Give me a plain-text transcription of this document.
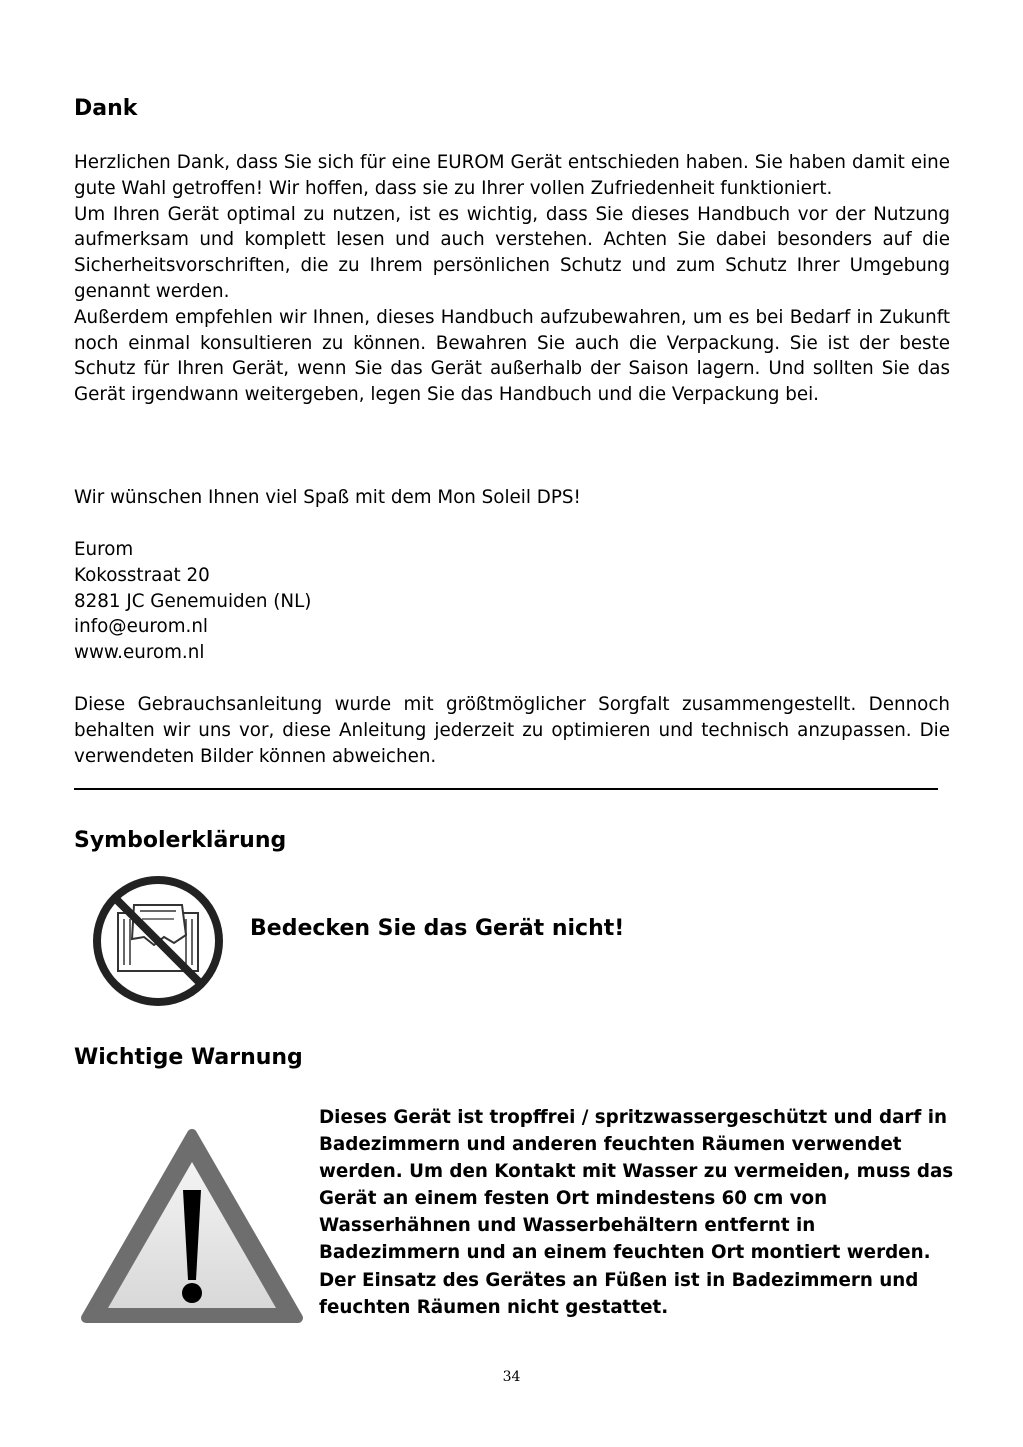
Dank

Herzlichen Dank, dass Sie sich für eine EUROM Gerät entschieden haben. Sie haben damit eine gute Wahl getroffen! Wir hoffen, dass sie zu Ihrer vollen Zufriedenheit funktioniert.
Um Ihren Gerät optimal zu nutzen, ist es wichtig, dass Sie dieses Handbuch vor der Nutzung aufmerksam und komplett lesen und auch verstehen. Achten Sie dabei besonders auf die Sicherheitsvorschriften, die zu Ihrem persönlichen Schutz und zum Schutz Ihrer Umgebung genannt werden.
Außerdem empfehlen wir Ihnen, dieses Handbuch aufzubewahren, um es bei Bedarf in Zukunft noch einmal konsultieren zu können. Bewahren Sie auch die Verpackung. Sie ist der beste Schutz für Ihren Gerät, wenn Sie das Gerät außerhalb der Saison lagern. Und sollten Sie das Gerät irgendwann weitergeben, legen Sie das Handbuch und die Verpackung bei.

Wir wünschen Ihnen viel Spaß mit dem Mon Soleil DPS!

Eurom
Kokosstraat 20
8281 JC Genemuiden (NL)
info@eurom.nl
www.eurom.nl

Diese Gebrauchsanleitung wurde mit größtmöglicher Sorgfalt zusammengestellt. Dennoch behalten wir uns vor, diese Anleitung jederzeit zu optimieren und technisch anzupassen. Die verwendeten Bilder können abweichen.

Symbolerklärung
Bedecken Sie das Gerät nicht!
Wichtige Warnung
Dieses Gerät ist tropffrei / spritzwassergeschützt und darf in Badezimmern und anderen feuchten Räumen verwendet werden. Um den Kontakt mit Wasser zu vermeiden, muss das Gerät an einem festen Ort mindestens 60 cm von Wasserhähnen und Wasserbehältern entfernt in Badezimmern und an einem feuchten Ort montiert werden. Der Einsatz des Gerätes an Füßen ist in Badezimmern und feuchten Räumen nicht gestattet.
34
